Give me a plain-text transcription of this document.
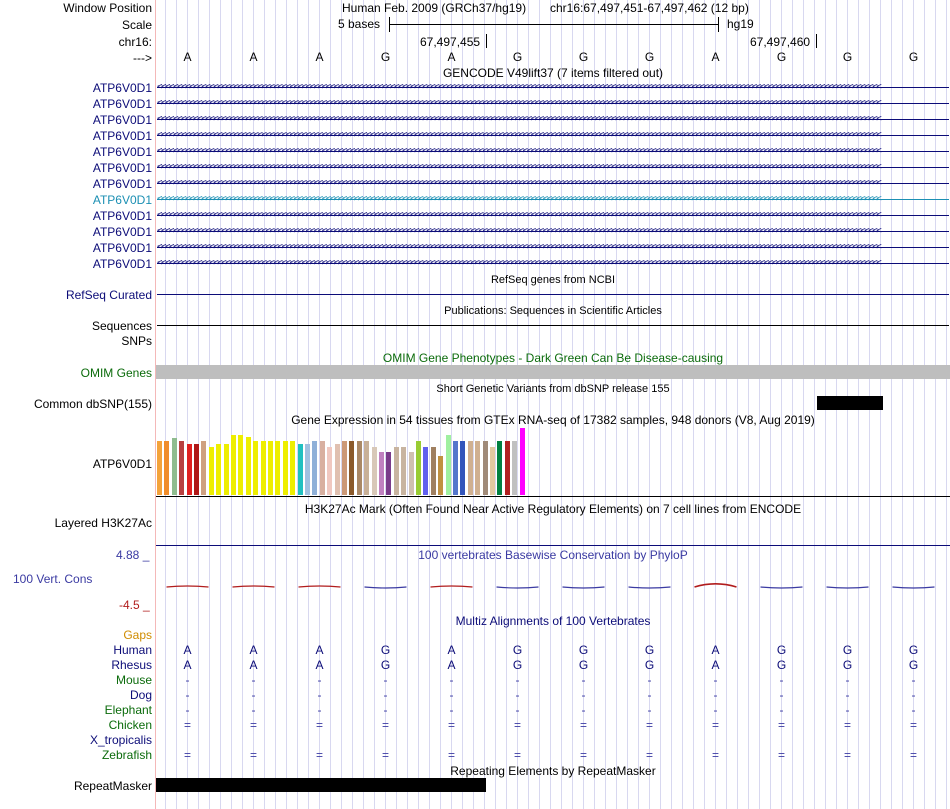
Window Position	Human Feb. 2009 (GRCh37/hg19) chr16:67,497,451-67,497,462 (12 bp)
Scale	5 bases	hg19
chr16:	67,497,455	67,497,460
--->	A	A	A	G	A	G	G	G	A	G	G	G
GENCODE V49lift37 (7 items filtered out)
ATP6V0D1 <<<<<<<<<<<<<<<<<<<<<<<<<<<<<<<<<<<<<<<<<<<<<<<<<<<<<<<<<<<<<<<<<<<<<<<<<<<<<<<<<<<<<<<<<<<<<<<<<<<<<<<<<<<<<<<<<<<<<<<<<<<<<<<<<<<<<<<<<<<<<<<<<<<<<<<<<<<<<<<<<<<<<<<<<<<<<<<<<<<<
ATP6V0D1 <<<<<<<<<<<<<<<<<<<<<<<<<<<<<<<<<<<<<<<<<<<<<<<<<<<<<<<<<<<<<<<<<<<<<<<<<<<<<<<<<<<<<<<<<<<<<<<<<<<<<<<<<<<<<<<<<<<<<<<<<<<<<<<<<<<<<<<<<<<<<<<<<<<<<<<<<<<<<<<<<<<<<<<<<<<<<<<<<<<<
ATP6V0D1 <<<<<<<<<<<<<<<<<<<<<<<<<<<<<<<<<<<<<<<<<<<<<<<<<<<<<<<<<<<<<<<<<<<<<<<<<<<<<<<<<<<<<<<<<<<<<<<<<<<<<<<<<<<<<<<<<<<<<<<<<<<<<<<<<<<<<<<<<<<<<<<<<<<<<<<<<<<<<<<<<<<<<<<<<<<<<<<<<<<<
ATP6V0D1 <<<<<<<<<<<<<<<<<<<<<<<<<<<<<<<<<<<<<<<<<<<<<<<<<<<<<<<<<<<<<<<<<<<<<<<<<<<<<<<<<<<<<<<<<<<<<<<<<<<<<<<<<<<<<<<<<<<<<<<<<<<<<<<<<<<<<<<<<<<<<<<<<<<<<<<<<<<<<<<<<<<<<<<<<<<<<<<<<<<<
ATP6V0D1 <<<<<<<<<<<<<<<<<<<<<<<<<<<<<<<<<<<<<<<<<<<<<<<<<<<<<<<<<<<<<<<<<<<<<<<<<<<<<<<<<<<<<<<<<<<<<<<<<<<<<<<<<<<<<<<<<<<<<<<<<<<<<<<<<<<<<<<<<<<<<<<<<<<<<<<<<<<<<<<<<<<<<<<<<<<<<<<<<<<<
ATP6V0D1 <<<<<<<<<<<<<<<<<<<<<<<<<<<<<<<<<<<<<<<<<<<<<<<<<<<<<<<<<<<<<<<<<<<<<<<<<<<<<<<<<<<<<<<<<<<<<<<<<<<<<<<<<<<<<<<<<<<<<<<<<<<<<<<<<<<<<<<<<<<<<<<<<<<<<<<<<<<<<<<<<<<<<<<<<<<<<<<<<<<<
ATP6V0D1 <<<<<<<<<<<<<<<<<<<<<<<<<<<<<<<<<<<<<<<<<<<<<<<<<<<<<<<<<<<<<<<<<<<<<<<<<<<<<<<<<<<<<<<<<<<<<<<<<<<<<<<<<<<<<<<<<<<<<<<<<<<<<<<<<<<<<<<<<<<<<<<<<<<<<<<<<<<<<<<<<<<<<<<<<<<<<<<<<<<<
ATP6V0D1 <<<<<<<<<<<<<<<<<<<<<<<<<<<<<<<<<<<<<<<<<<<<<<<<<<<<<<<<<<<<<<<<<<<<<<<<<<<<<<<<<<<<<<<<<<<<<<<<<<<<<<<<<<<<<<<<<<<<<<<<<<<<<<<<<<<<<<<<<<<<<<<<<<<<<<<<<<<<<<<<<<<<<<<<<<<<<<<<<<<<
ATP6V0D1 <<<<<<<<<<<<<<<<<<<<<<<<<<<<<<<<<<<<<<<<<<<<<<<<<<<<<<<<<<<<<<<<<<<<<<<<<<<<<<<<<<<<<<<<<<<<<<<<<<<<<<<<<<<<<<<<<<<<<<<<<<<<<<<<<<<<<<<<<<<<<<<<<<<<<<<<<<<<<<<<<<<<<<<<<<<<<<<<<<<<
ATP6V0D1 <<<<<<<<<<<<<<<<<<<<<<<<<<<<<<<<<<<<<<<<<<<<<<<<<<<<<<<<<<<<<<<<<<<<<<<<<<<<<<<<<<<<<<<<<<<<<<<<<<<<<<<<<<<<<<<<<<<<<<<<<<<<<<<<<<<<<<<<<<<<<<<<<<<<<<<<<<<<<<<<<<<<<<<<<<<<<<<<<<<<
ATP6V0D1 <<<<<<<<<<<<<<<<<<<<<<<<<<<<<<<<<<<<<<<<<<<<<<<<<<<<<<<<<<<<<<<<<<<<<<<<<<<<<<<<<<<<<<<<<<<<<<<<<<<<<<<<<<<<<<<<<<<<<<<<<<<<<<<<<<<<<<<<<<<<<<<<<<<<<<<<<<<<<<<<<<<<<<<<<<<<<<<<<<<<
ATP6V0D1 <<<<<<<<<<<<<<<<<<<<<<<<<<<<<<<<<<<<<<<<<<<<<<<<<<<<<<<<<<<<<<<<<<<<<<<<<<<<<<<<<<<<<<<<<<<<<<<<<<<<<<<<<<<<<<<<<<<<<<<<<<<<<<<<<<<<<<<<<<<<<<<<<<<<<<<<<<<<<<<<<<<<<<<<<<<<<<<<<<<<
RefSeq genes from NCBI
RefSeq Curated
Publications: Sequences in Scientific Articles
Sequences
SNPs
OMIM Gene Phenotypes - Dark Green Can Be Disease-causing
OMIM Genes
Short Genetic Variants from dbSNP release 155
Common dbSNP(155)
Gene Expression in 54 tissues from GTEx RNA-seq of 17382 samples, 948 donors (V8, Aug 2019)
ATP6V0D1
H3K27Ac Mark (Often Found Near Active Regulatory Elements) on 7 cell lines from ENCODE
Layered H3K27Ac
100 vertebrates Basewise Conservation by PhyloP
4.88 _
100 Vert. Cons
-4.5 _
Multiz Alignments of 100 Vertebrates
Gaps
Human	A	A	A	G	A	G	G	G	A	G	G	G
Rhesus	A	A	A	G	A	G	G	G	A	G	G	G
Mouse	-	-	-	-	-	-	-	-	-	-	-	-
Dog	-	-	-	-	-	-	-	-	-	-	-	-
Elephant	-	-	-	-	-	-	-	-	-	-	-	-
Chicken	=	=	=	=	=	=	=	=	=	=	=	=
X_tropicalis
Zebrafish	=	=	=	=	=	=	=	=	=	=	=	=
Repeating Elements by RepeatMasker
RepeatMasker
